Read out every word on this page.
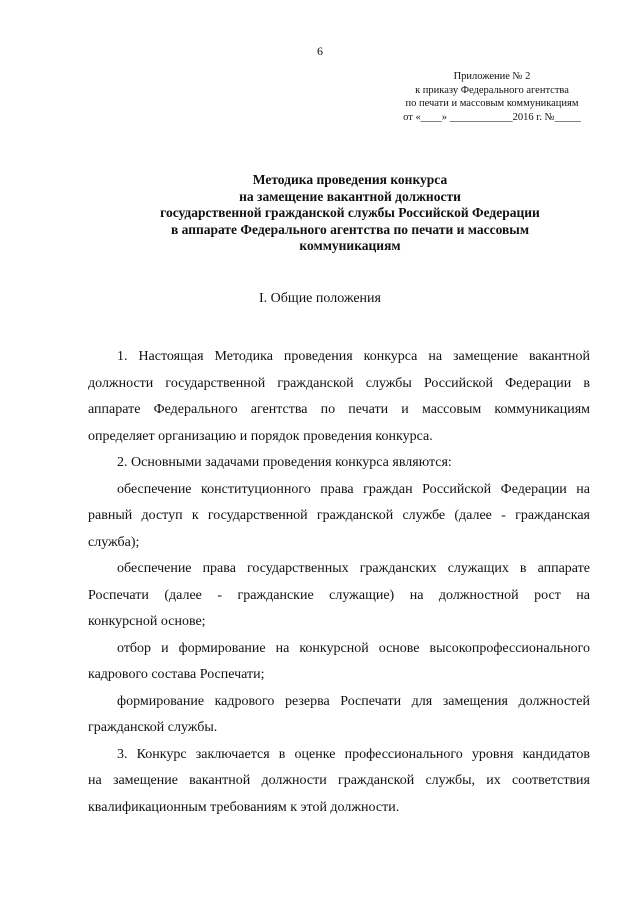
6
Приложение № 2
к приказу Федерального агентства
по печати и массовым коммуникациям
от «____» ____________2016 г. №_____
Методика проведения конкурса
на замещение вакантной должности
государственной гражданской службы Российской Федерации
в аппарате Федерального агентства по печати и массовым
коммуникациям
I. Общие положения
1. Настоящая Методика проведения конкурса на замещение вакантной
должности государственной гражданской службы Российской Федерации в
аппарате Федерального агентства по печати и массовым коммуникациям
определяет организацию и порядок проведения конкурса.
2. Основными задачами проведения конкурса являются:
обеспечение конституционного права граждан Российской Федерации на
равный доступ к государственной гражданской службе (далее - гражданская
служба);
обеспечение права государственных гражданских служащих в аппарате
Роспечати (далее - гражданские служащие) на должностной рост на
конкурсной основе;
отбор и формирование на конкурсной основе высокопрофессионального
кадрового состава Роспечати;
формирование кадрового резерва Роспечати для замещения должностей
гражданской службы.
3. Конкурс заключается в оценке профессионального уровня кандидатов
на замещение вакантной должности гражданской службы, их соответствия
квалификационным требованиям к этой должности.
